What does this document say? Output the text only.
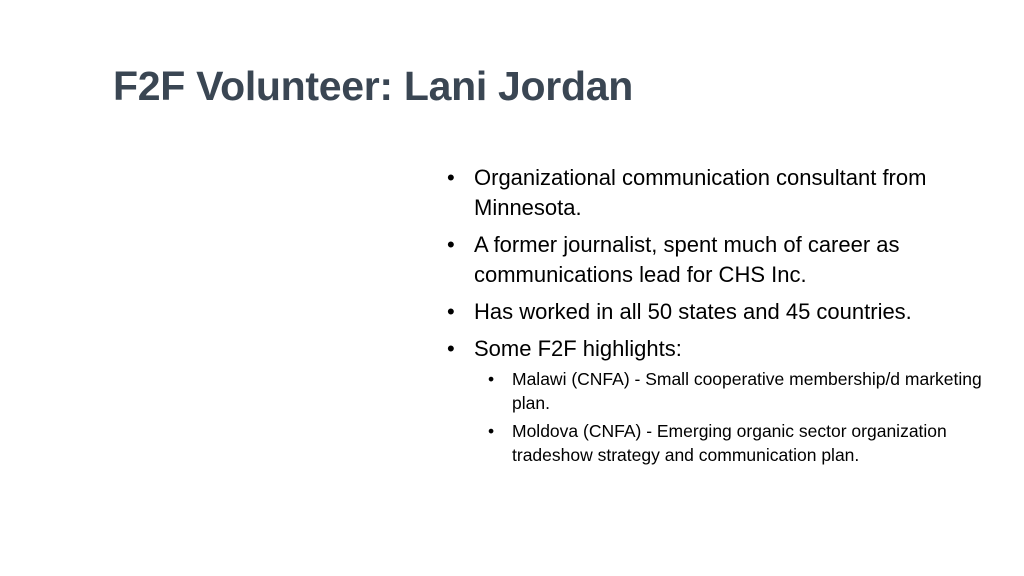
F2F Volunteer: Lani Jordan
• Organizational communication consultant from Minnesota.
• A former journalist, spent much of career as communications lead for CHS Inc.
• Has worked in all 50 states and 45 countries.
• Some F2F highlights:
• Malawi (CNFA) - Small cooperative membership/d marketing plan.
• Moldova (CNFA) - Emerging organic sector organization tradeshow strategy and communication plan.
